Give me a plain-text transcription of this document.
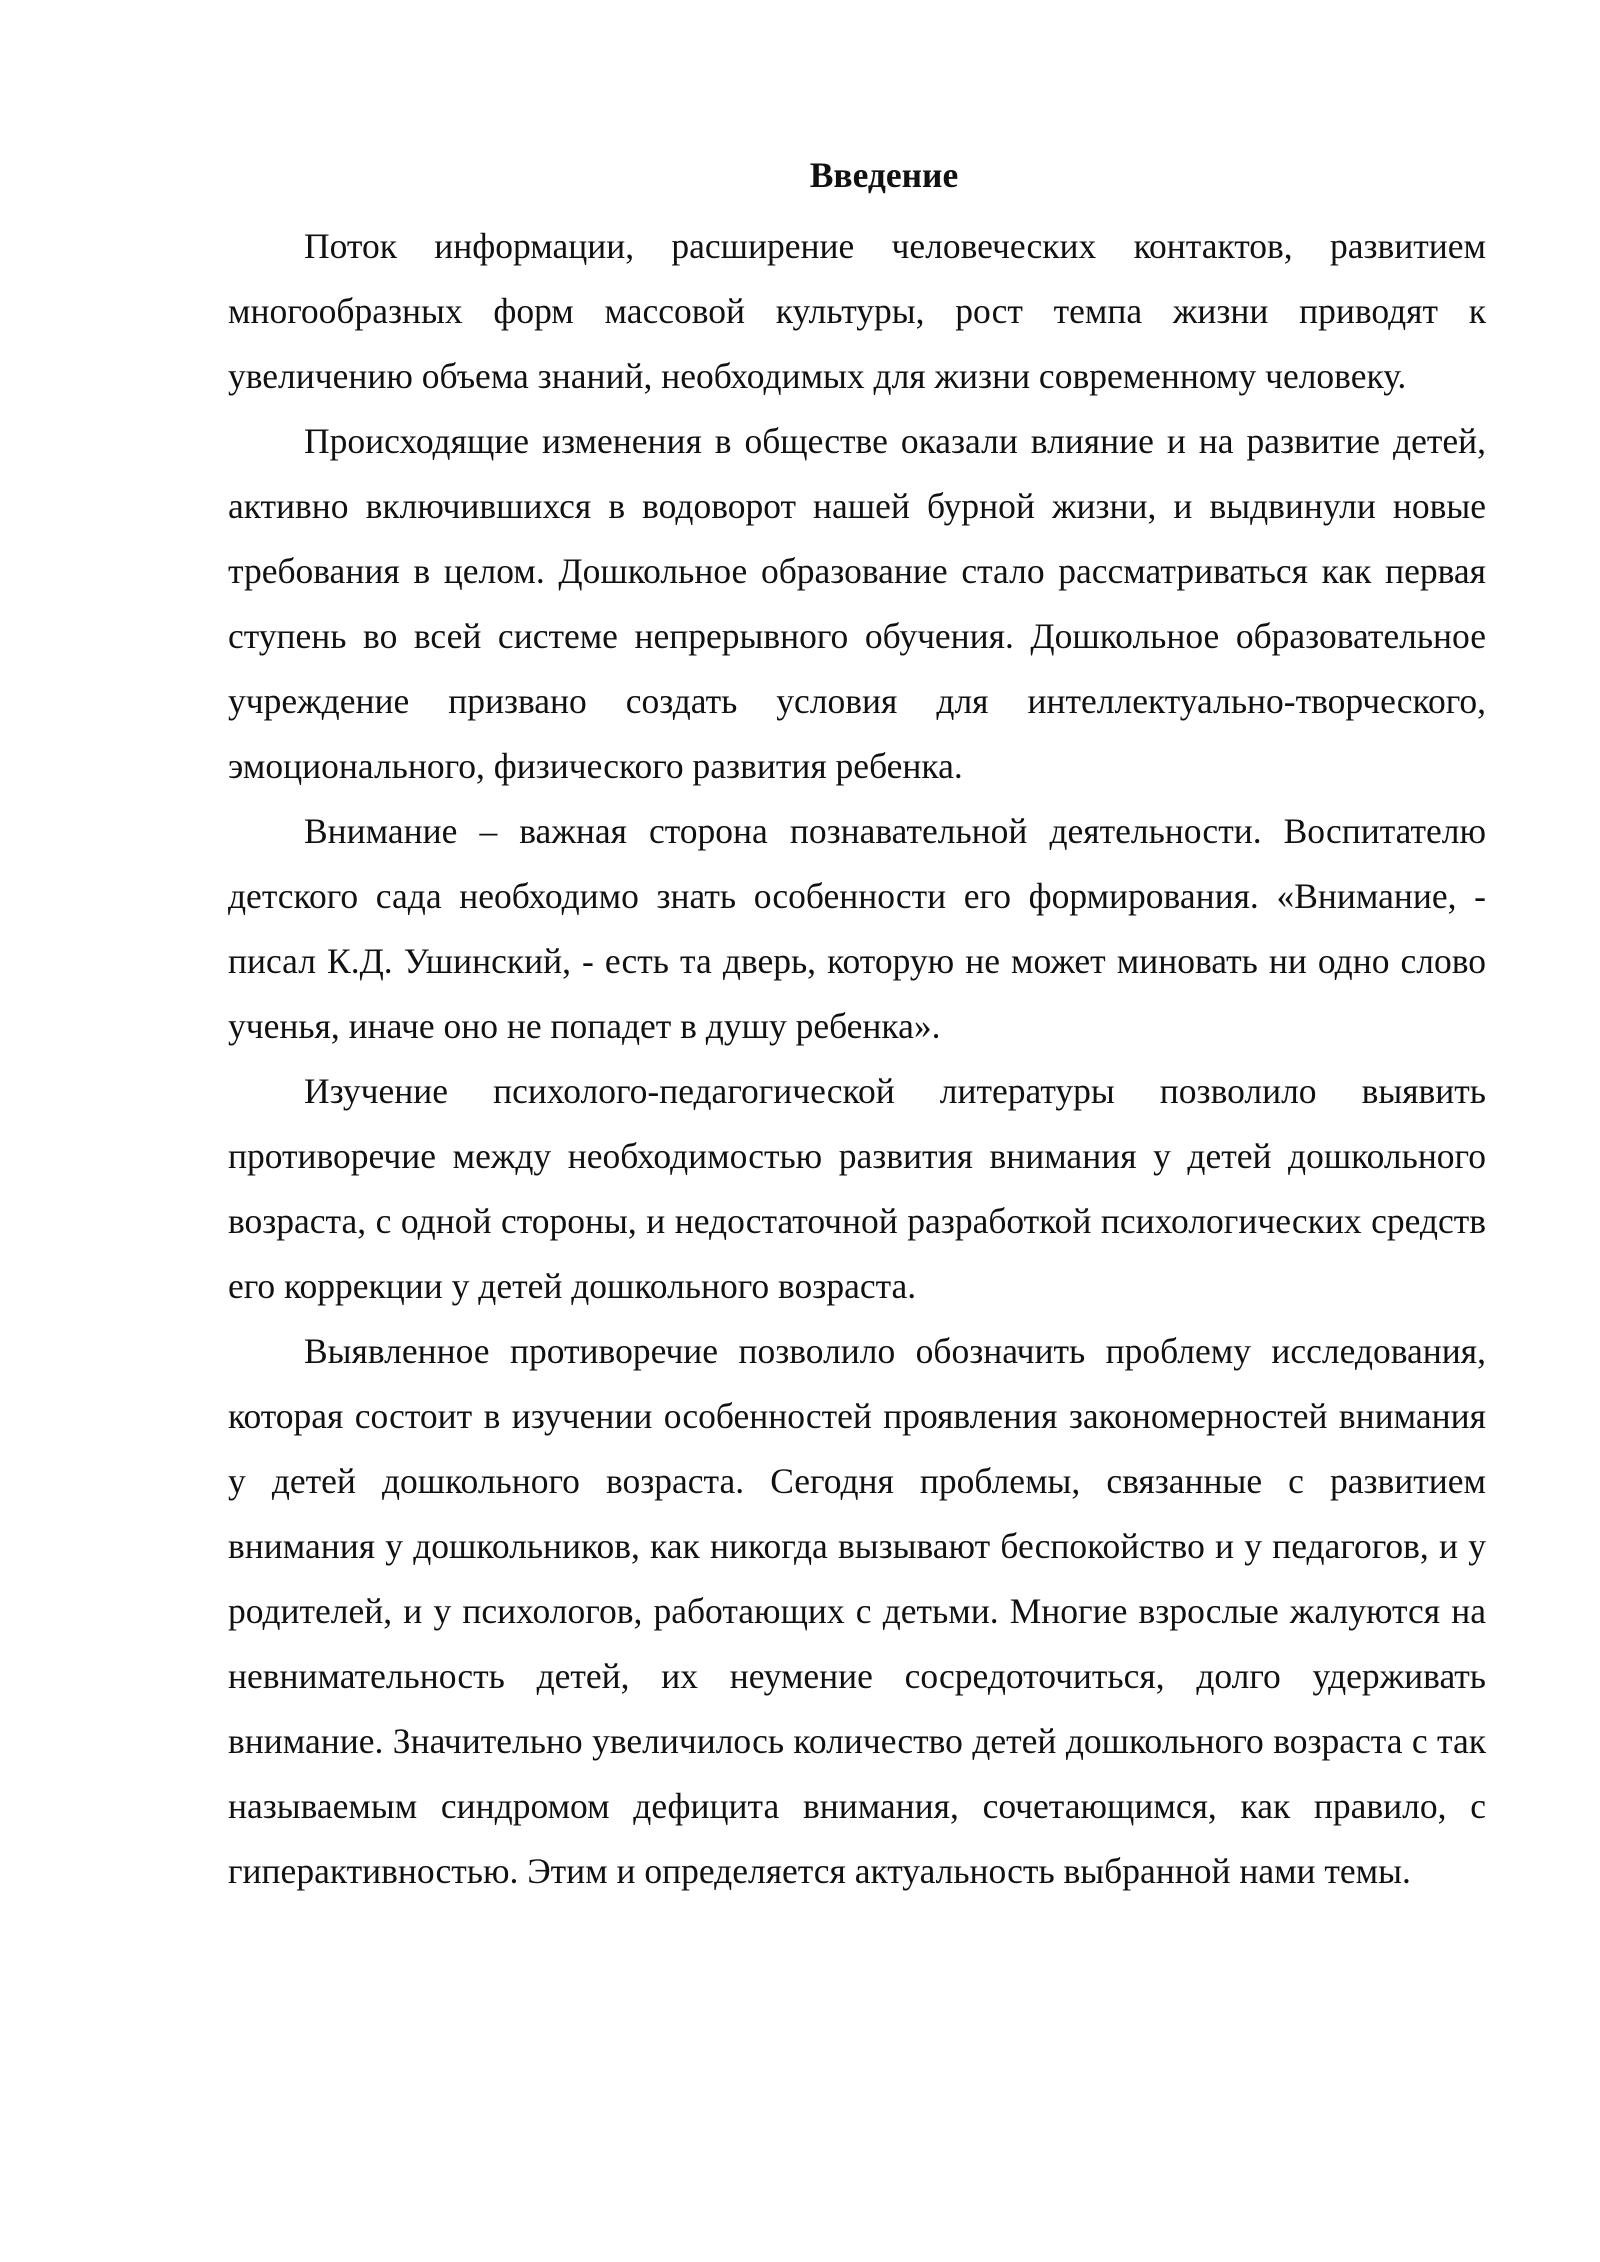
Введение

Поток информации, расширение человеческих контактов, развитием многообразных форм массовой культуры, рост темпа жизни приводят к увеличению объема знаний, необходимых для жизни современному человеку.

Происходящие изменения в обществе оказали влияние и на развитие детей, активно включившихся в водоворот нашей бурной жизни, и выдвинули новые требования в целом. Дошкольное образование стало рассматриваться как первая ступень во всей системе непрерывного обучения. Дошкольное образовательное учреждение призвано создать условия для интеллектуально-творческого, эмоционального, физического развития ребенка.

Внимание – важная сторона познавательной деятельности. Воспитателю детского сада необходимо знать особенности его формирования. «Внимание, - писал К.Д. Ушинский, - есть та дверь, которую не может миновать ни одно слово ученья, иначе оно не попадет в душу ребенка».

Изучение психолого-педагогической литературы позволило выявить противоречие между необходимостью развития внимания у детей дошкольного возраста, с одной стороны, и недостаточной разработкой психологических средств его коррекции у детей дошкольного возраста.

Выявленное противоречие позволило обозначить проблему исследования, которая состоит в изучении особенностей проявления закономерностей внимания у детей дошкольного возраста. Сегодня проблемы, связанные с развитием внимания у дошкольников, как никогда вызывают беспокойство и у педагогов, и у родителей, и у психологов, работающих с детьми. Многие взрослые жалуются на невнимательность детей, их неумение сосредоточиться, долго удерживать внимание. Значительно увеличилось количество детей дошкольного возраста с так называемым синдромом дефицита внимания, сочетающимся, как правило, с гиперактивностью. Этим и определяется актуальность выбранной нами темы.
